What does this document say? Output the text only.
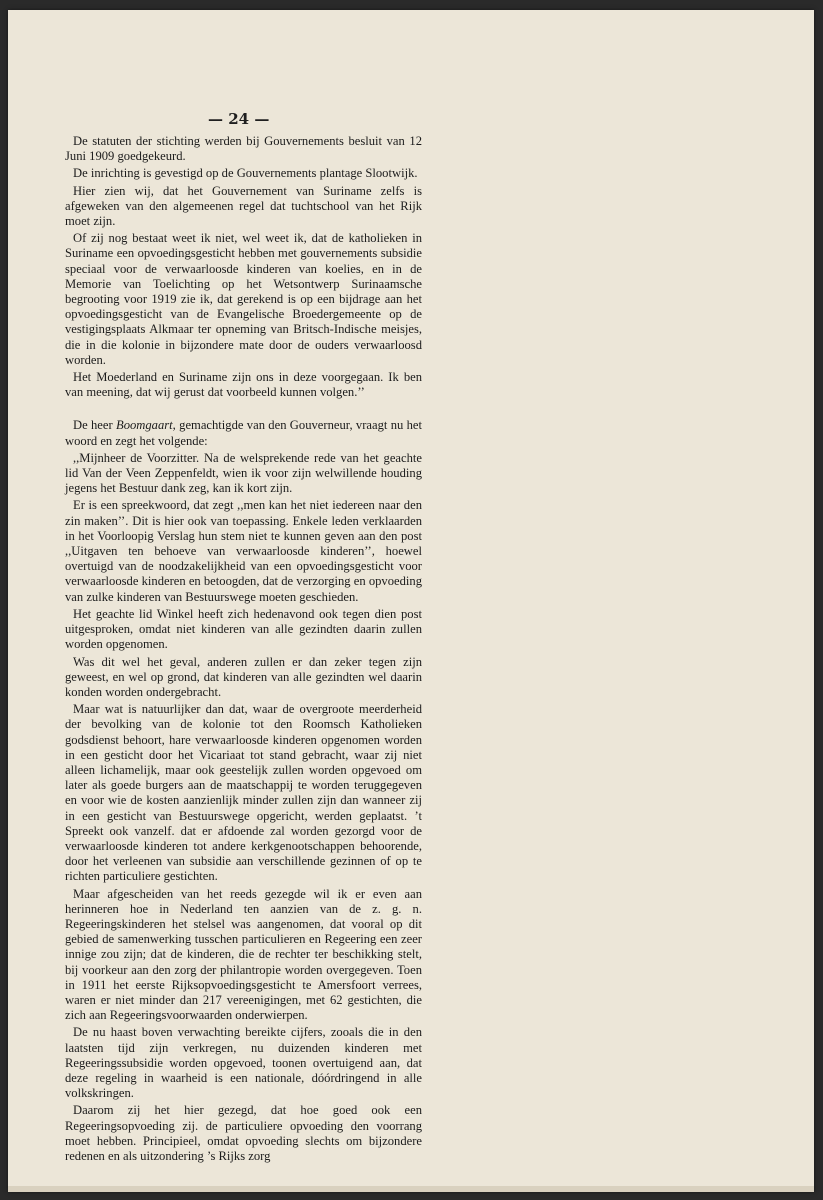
— 24 —

De statuten der stichting werden bij Gouvernements besluit van 12 Juni 1909 goedgekeurd.

De inrichting is gevestigd op de Gouvernements plantage Slootwijk.

Hier zien wij, dat het Gouvernement van Suriname zelfs is afgeweken van den algemeenen regel dat tuchtschool van het Rijk moet zijn.

Of zij nog bestaat weet ik niet, wel weet ik, dat de katholieken in Suriname een opvoedingsgesticht hebben met gouvernements subsidie speciaal voor de verwaarloosde kinderen van koelies, en in de Memorie van Toelichting op het Wetsontwerp Surinaamsche begrooting voor 1919 zie ik, dat gerekend is op een bijdrage aan het opvoedingsgesticht van de Evangelische Broedergemeente op de vestigingsplaats Alkmaar ter opneming van Britsch-Indische meisjes, die in die kolonie in bijzondere mate door de ouders verwaarloosd worden.

Het Moederland en Suriname zijn ons in deze voorgegaan. Ik ben van meening, dat wij gerust dat voorbeeld kunnen volgen.’’

De heer Boomgaart, gemachtigde van den Gouverneur, vraagt nu het woord en zegt het volgende:

,,Mijnheer de Voorzitter. Na de welsprekende rede van het geachte lid Van der Veen Zeppenfeldt, wien ik voor zijn welwillende houding jegens het Bestuur dank zeg, kan ik kort zijn.

Er is een spreekwoord, dat zegt ,,men kan het niet iedereen naar den zin maken’’. Dit is hier ook van toepassing. Enkele leden verklaarden in het Voorloopig Verslag hun stem niet te kunnen geven aan den post ,,Uitgaven ten behoeve van verwaarloosde kinderen’’, hoewel overtuigd van de noodzakelijkheid van een opvoedingsgesticht voor verwaarloosde kinderen en betoogden, dat de verzorging en opvoeding van zulke kinderen van Bestuurswege moeten geschieden.

Het geachte lid Winkel heeft zich hedenavond ook tegen dien post uitgesproken, omdat niet kinderen van alle gezindten daarin zullen worden opgenomen.

Was dit wel het geval, anderen zullen er dan zeker tegen zijn geweest, en wel op grond, dat kinderen van alle gezindten wel daarin konden worden ondergebracht.

Maar wat is natuurlijker dan dat, waar de overgroote meerderheid der bevolking van de kolonie tot den Roomsch Katholieken godsdienst behoort, hare verwaarloosde kinderen opgenomen worden in een gesticht door het Vicariaat tot stand gebracht, waar zij niet alleen lichamelijk, maar ook geestelijk zullen worden opgevoed om later als goede burgers aan de maatschappij te worden teruggegeven en voor wie de kosten aanzienlijk minder zullen zijn dan wanneer zij in een gesticht van Bestuurswege opgericht, werden geplaatst. ’t Spreekt ook vanzelf. dat er afdoende zal worden gezorgd voor de verwaarloosde kinderen tot andere kerkgenootschappen behoorende, door het verleenen van subsidie aan verschillende gezinnen of op te richten particuliere gestichten.

Maar afgescheiden van het reeds gezegde wil ik er even aan herinneren hoe in Nederland ten aanzien van de z. g. n. Regeeringskinderen het stelsel was aangenomen, dat vooral op dit gebied de samenwerking tusschen particulieren en Regeering een zeer innige zou zijn; dat de kinderen, die de rechter ter beschikking stelt, bij voorkeur aan den zorg der philantropie worden overgegeven. Toen in 1911 het eerste Rijksopvoedingsgesticht te Amersfoort verrees, waren er niet minder dan 217 vereenigingen, met 62 gestichten, die zich aan Regeeringsvoorwaarden onderwierpen.

De nu haast boven verwachting bereikte cijfers, zooals die in den laatsten tijd zijn verkregen, nu duizenden kinderen met Regeeringssubsidie worden opgevoed, toonen overtuigend aan, dat deze regeling in waarheid is een nationale, dóórdringend in alle volkskringen.

Daarom zij het hier gezegd, dat hoe goed ook een Regeeringsopvoeding zij. de particuliere opvoeding den voorrang moet hebben. Principieel, omdat opvoeding slechts om bijzondere redenen en als uitzondering ’s Rijks zorg
